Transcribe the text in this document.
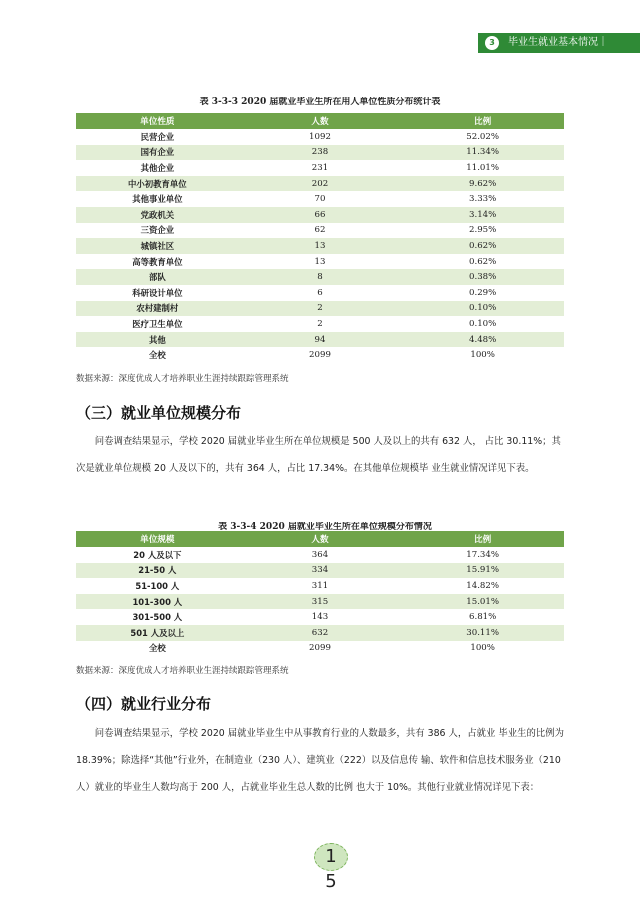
3	毕业生就业基本情况｜
表 3-3-3 2020 届就业毕业生所在用人单位性质分布统计表
单位性质	人数	比例
民营企业	1092	52.02%
国有企业	238	11.34%
其他企业	231	11.01%
中小初教育单位	202	9.62%
其他事业单位	70	3.33%
党政机关	66	3.14%
三资企业	62	2.95%
城镇社区	13	0.62%
高等教育单位	13	0.62%
部队	8	0.38%
科研设计单位	6	0.29%
农村建制村	2	0.10%
医疗卫生单位	2	0.10%
其他	94	4.48%
全校	2099	100%
数据来源：深度优成人才培养职业生涯持续跟踪管理系统
（三）就业单位规模分布

问卷调查结果显示，学校 2020 届就业毕业生所在单位规模是 500 人及以上的共有 632 人， 占比 30.11%；其次是就业单位规模 20 人及以下的，共有 364 人，占比 17.34%。在其他单位规模毕 业生就业情况详见下表。

表 3-3-4 2020 届就业毕业生所在单位规模分布情况
单位规模	人数	比例
20 人及以下	364	17.34%
21-50 人	334	15.91%
51-100 人	311	14.82%
101-300 人	315	15.01%
301-500 人	143	6.81%
501 人及以上	632	30.11%
全校	2099	100%
数据来源：深度优成人才培养职业生涯持续跟踪管理系统
（四）就业行业分布

问卷调查结果显示，学校 2020 届就业毕业生中从事教育行业的人数最多，共有 386 人，占就业 毕业生的比例为 18.39%；除选择“其他”行业外，在制造业（230 人）、建筑业（222）以及信息传 输、软件和信息技术服务业（210 人）就业的毕业生人数均高于 200 人，占就业毕业生总人数的比例 也大于 10%。其他行业就业情况详见下表：

1
5
